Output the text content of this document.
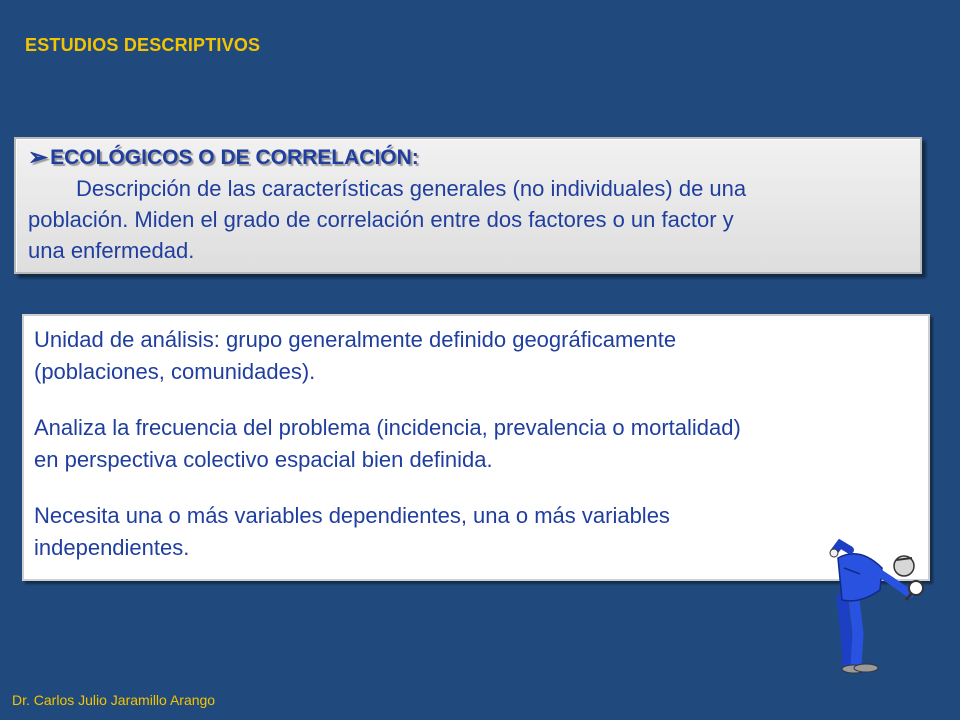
ESTUDIOS DESCRIPTIVOS
➢ ECOLÓGICOS O DE CORRELACIÓN:
Descripción de las características generales (no individuales) de una
población. Miden el grado de correlación entre dos factores o un factor y
una enfermedad.
Unidad de análisis: grupo generalmente definido geográficamente
(poblaciones, comunidades).
Analiza la frecuencia del problema (incidencia, prevalencia o mortalidad)
en perspectiva colectivo espacial bien definida.
Necesita una o más variables dependientes, una o más variables
independientes.
Dr. Carlos Julio Jaramillo Arango
